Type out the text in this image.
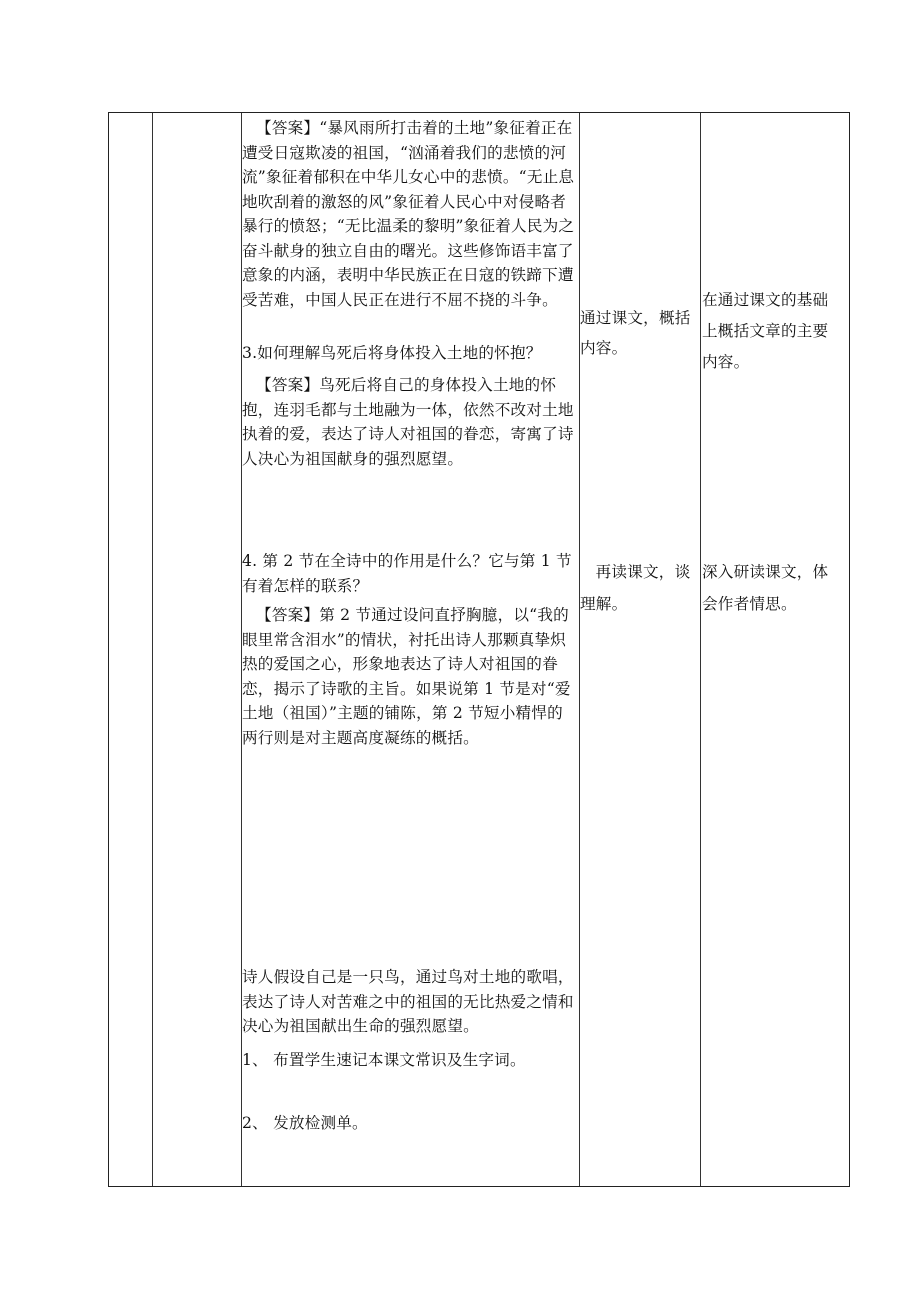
【答案】“暴风雨所打击着的土地”象征着正在遭受日寇欺凌的祖国，“汹涌着我们的悲愤的河流”象征着郁积在中华儿女心中的悲愤。“无止息地吹刮着的激怒的风”象征着人民心中对侵略者暴行的愤怒；“无比温柔的黎明”象征着人民为之奋斗献身的独立自由的曙光。这些修饰语丰富了意象的内涵，表明中华民族正在日寇的铁蹄下遭受苦难，中国人民正在进行不屈不挠的斗争。

3.如何理解鸟死后将身体投入土地的怀抱？

【答案】鸟死后将自己的身体投入土地的怀抱，连羽毛都与土地融为一体，依然不改对土地执着的爱，表达了诗人对祖国的眷恋，寄寓了诗人决心为祖国献身的强烈愿望。

4. 第 2 节在全诗中的作用是什么？它与第 1 节有着怎样的联系？

【答案】第 2 节通过设问直抒胸臆，以“我的眼里常含泪水”的情状，衬托出诗人那颗真挚炽热的爱国之心，形象地表达了诗人对祖国的眷恋，揭示了诗歌的主旨。如果说第 1 节是对“爱土地（祖国）”主题的铺陈，第 2 节短小精悍的两行则是对主题高度凝练的概括。

诗人假设自己是一只鸟，通过鸟对土地的歌唱，表达了诗人对苦难之中的祖国的无比热爱之情和决心为祖国献出生命的强烈愿望。

1、 布置学生速记本课文常识及生字词。

2、 发放检测单。

通过课文，概括内容。

再读课文，谈理解。

在通过课文的基础上概括文章的主要内容。

深入研读课文，体会作者情思。
